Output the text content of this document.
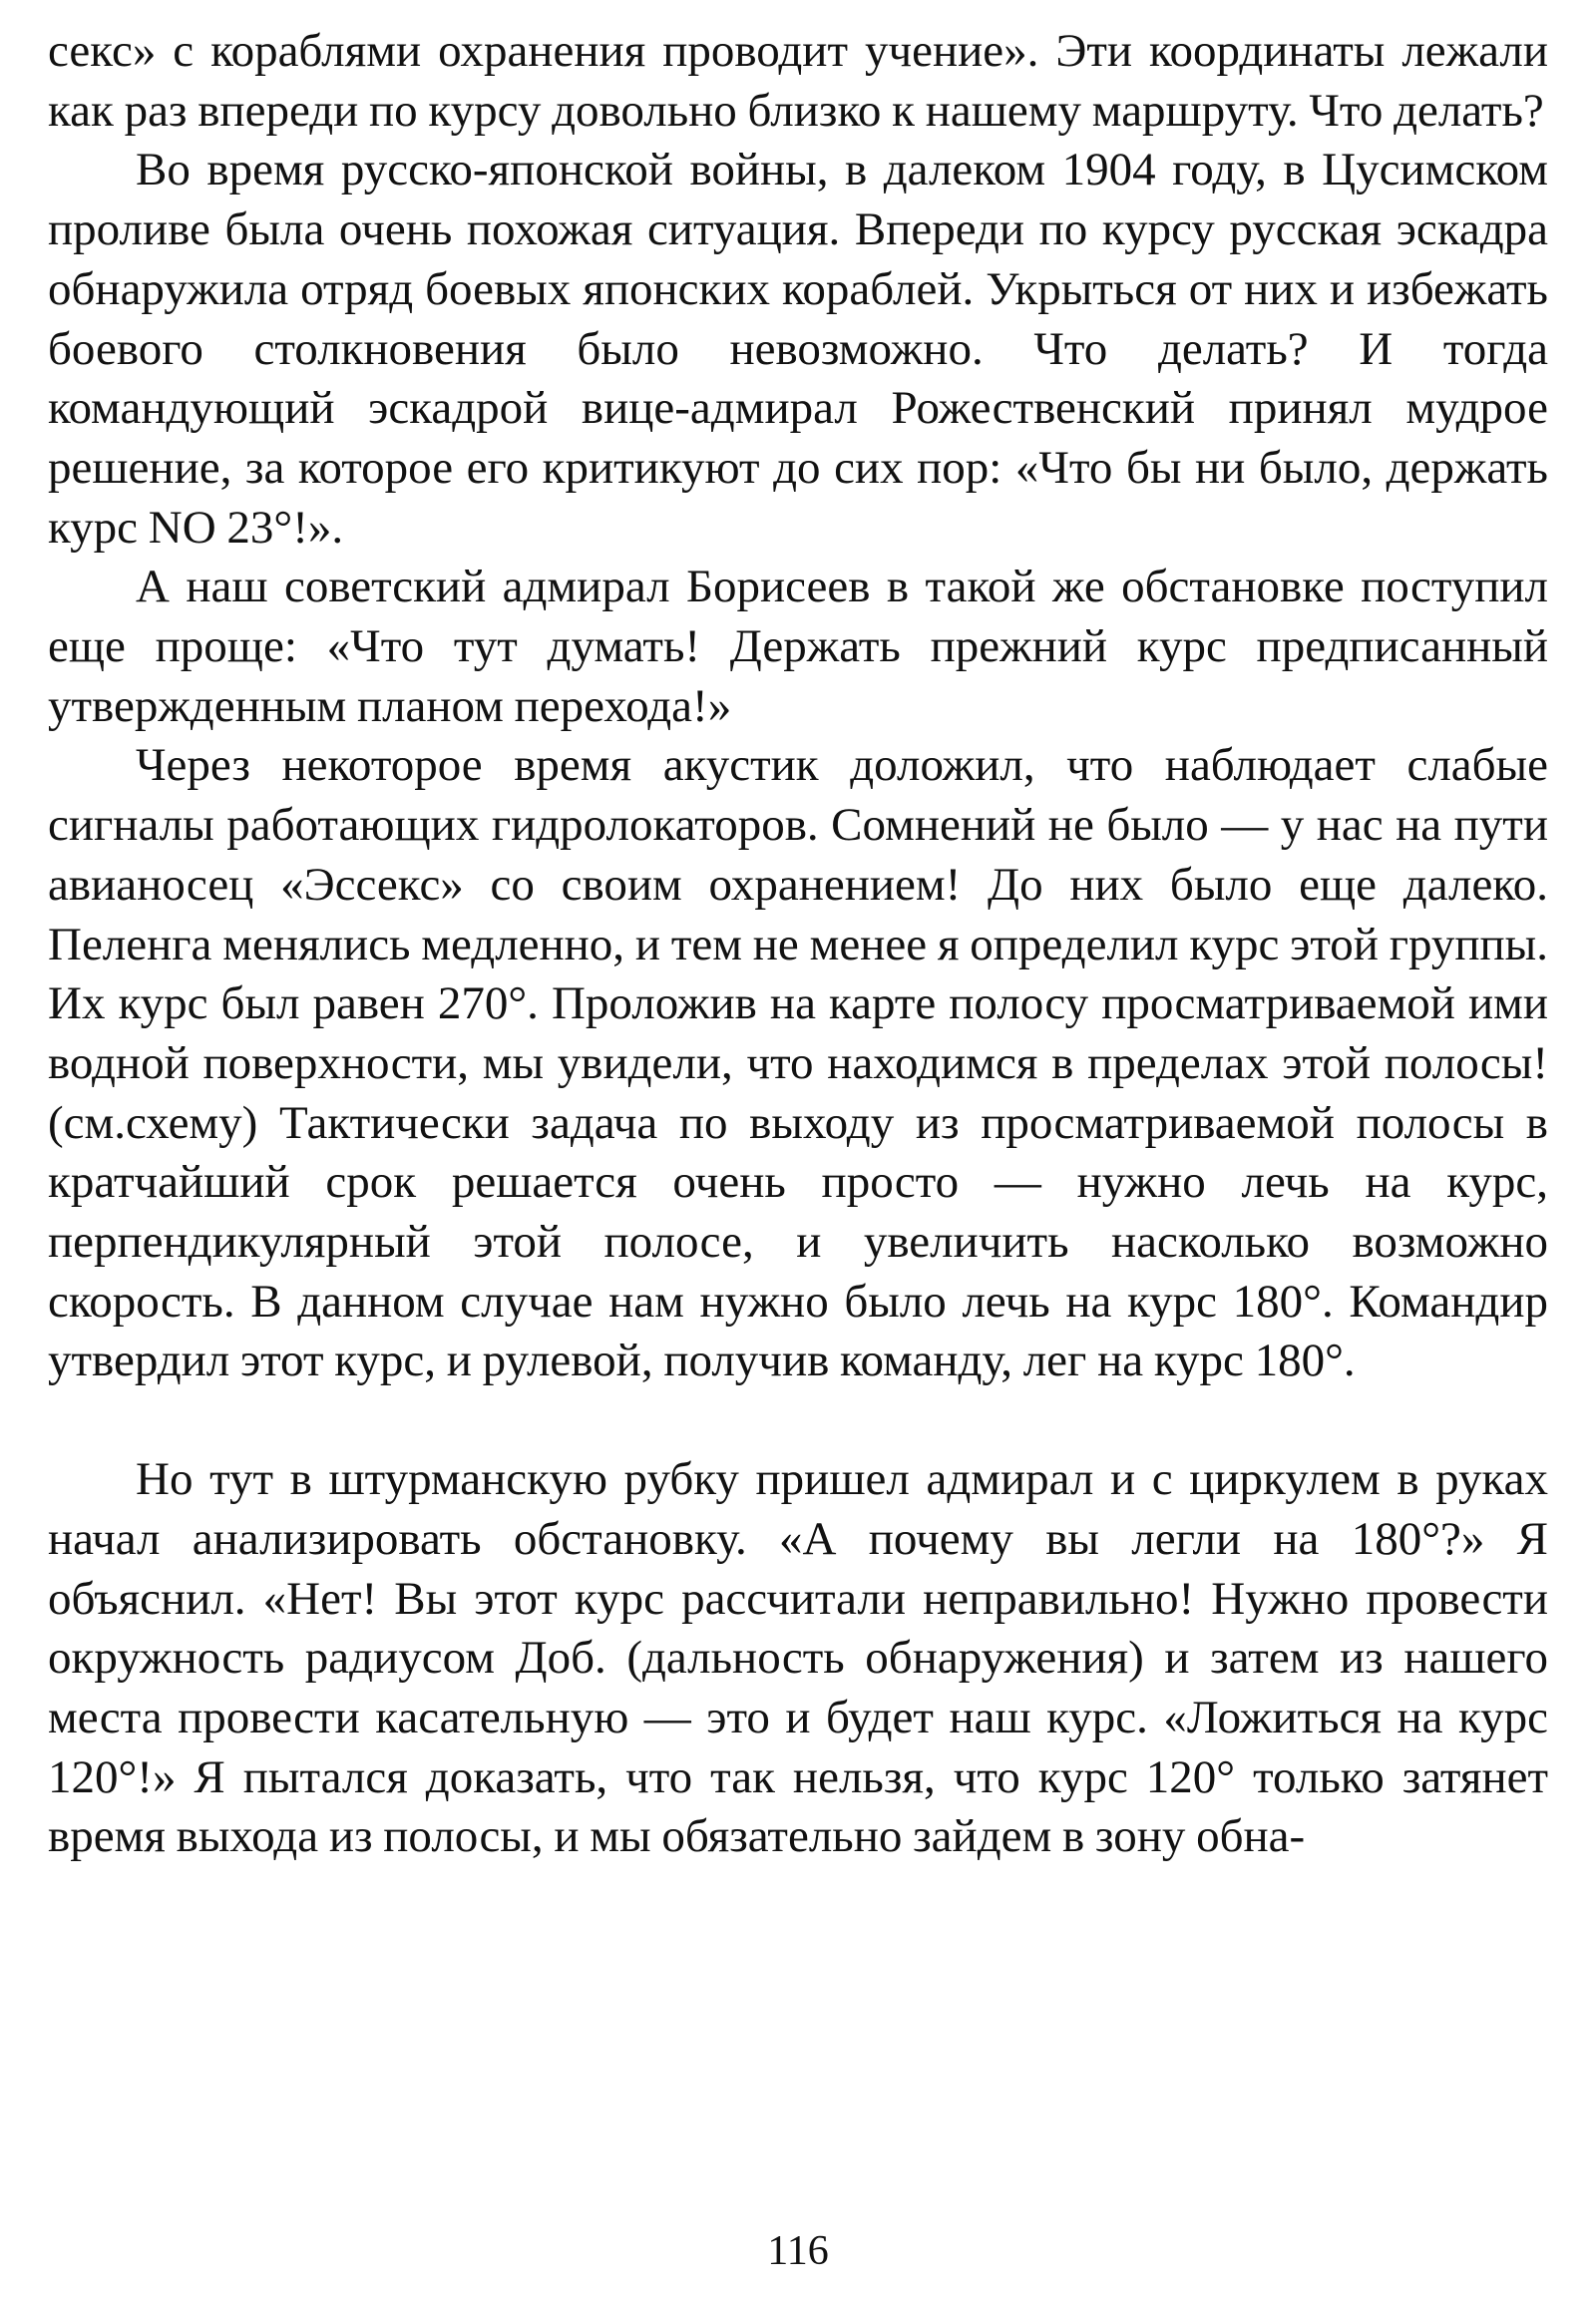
секс» с кораблями охранения проводит учение». Эти координаты лежали как раз впереди по курсу довольно близко к нашему маршруту. Что делать?

Во время русско-японской войны, в далеком 1904 году, в Цусимском проливе была очень похожая ситуация. Впереди по курсу русская эскадра обнаружила отряд боевых японских кораблей. Укрыться от них и избежать боевого столкновения было невозможно. Что делать? И тогда командующий эскадрой вице-адмирал Рожественский принял мудрое решение, за которое его критикуют до сих пор: «Что бы ни было, держать курс NO 23°!».

А наш советский адмирал Борисеев в такой же обстановке поступил еще проще: «Что тут думать! Держать прежний курс предписанный утвержденным планом перехода!»

Через некоторое время акустик доложил, что наблюдает слабые сигналы работающих гидролокаторов. Сомнений не было — у нас на пути авианосец «Эссекс» со своим охранением! До них было еще далеко. Пеленга менялись медленно, и тем не менее я определил курс этой группы. Их курс был равен 270°. Проложив на карте полосу просматриваемой ими водной поверхности, мы увидели, что находимся в пределах этой полосы! (см.схему) Тактически задача по выходу из просматриваемой полосы в кратчайший срок решается очень просто — нужно лечь на курс, перпендикулярный этой полосе, и увеличить насколько возможно скорость. В данном случае нам нужно было лечь на курс 180°. Командир утвердил этот курс, и рулевой, получив команду, лег на курс 180°.

Но тут в штурманскую рубку пришел адмирал и с циркулем в руках начал анализировать обстановку. «А почему вы легли на 180°?» Я объяснил. «Нет! Вы этот курс рассчитали неправильно! Нужно провести окружность радиусом Доб. (дальность обнаружения) и затем из нашего места провести касательную — это и будет наш курс. «Ложиться на курс 120°!» Я пытался доказать, что так нельзя, что курс 120° только затянет время выхода из полосы, и мы обязательно зайдем в зону обна-

116
